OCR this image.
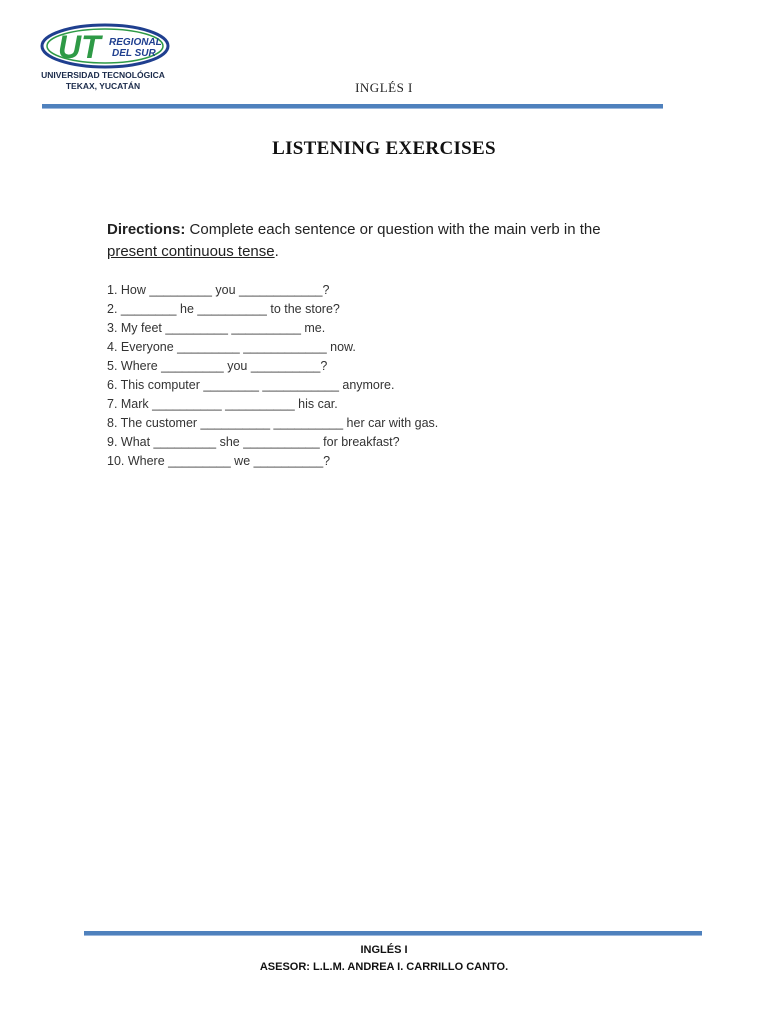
UT REGIONAL
DEL SUR
UNIVERSIDAD TECNOLÓGICA
TEKAX, YUCATÁN	INGLÉS I
LISTENING EXERCISES
Directions: Complete each sentence or question with the main verb in the present continuous tense.
1. How _________ you ____________?
2. ________ he __________ to the store?
3. My feet _________ __________ me.
4. Everyone _________ ____________ now.
5. Where _________ you __________?
6. This computer ________ ___________ anymore.
7. Mark __________ __________ his car.
8. The customer __________ __________ her car with gas.
9. What _________ she ___________ for breakfast?
10. Where _________ we __________?
INGLÉS I
ASESOR: L.L.M. ANDREA I. CARRILLO CANTO.
